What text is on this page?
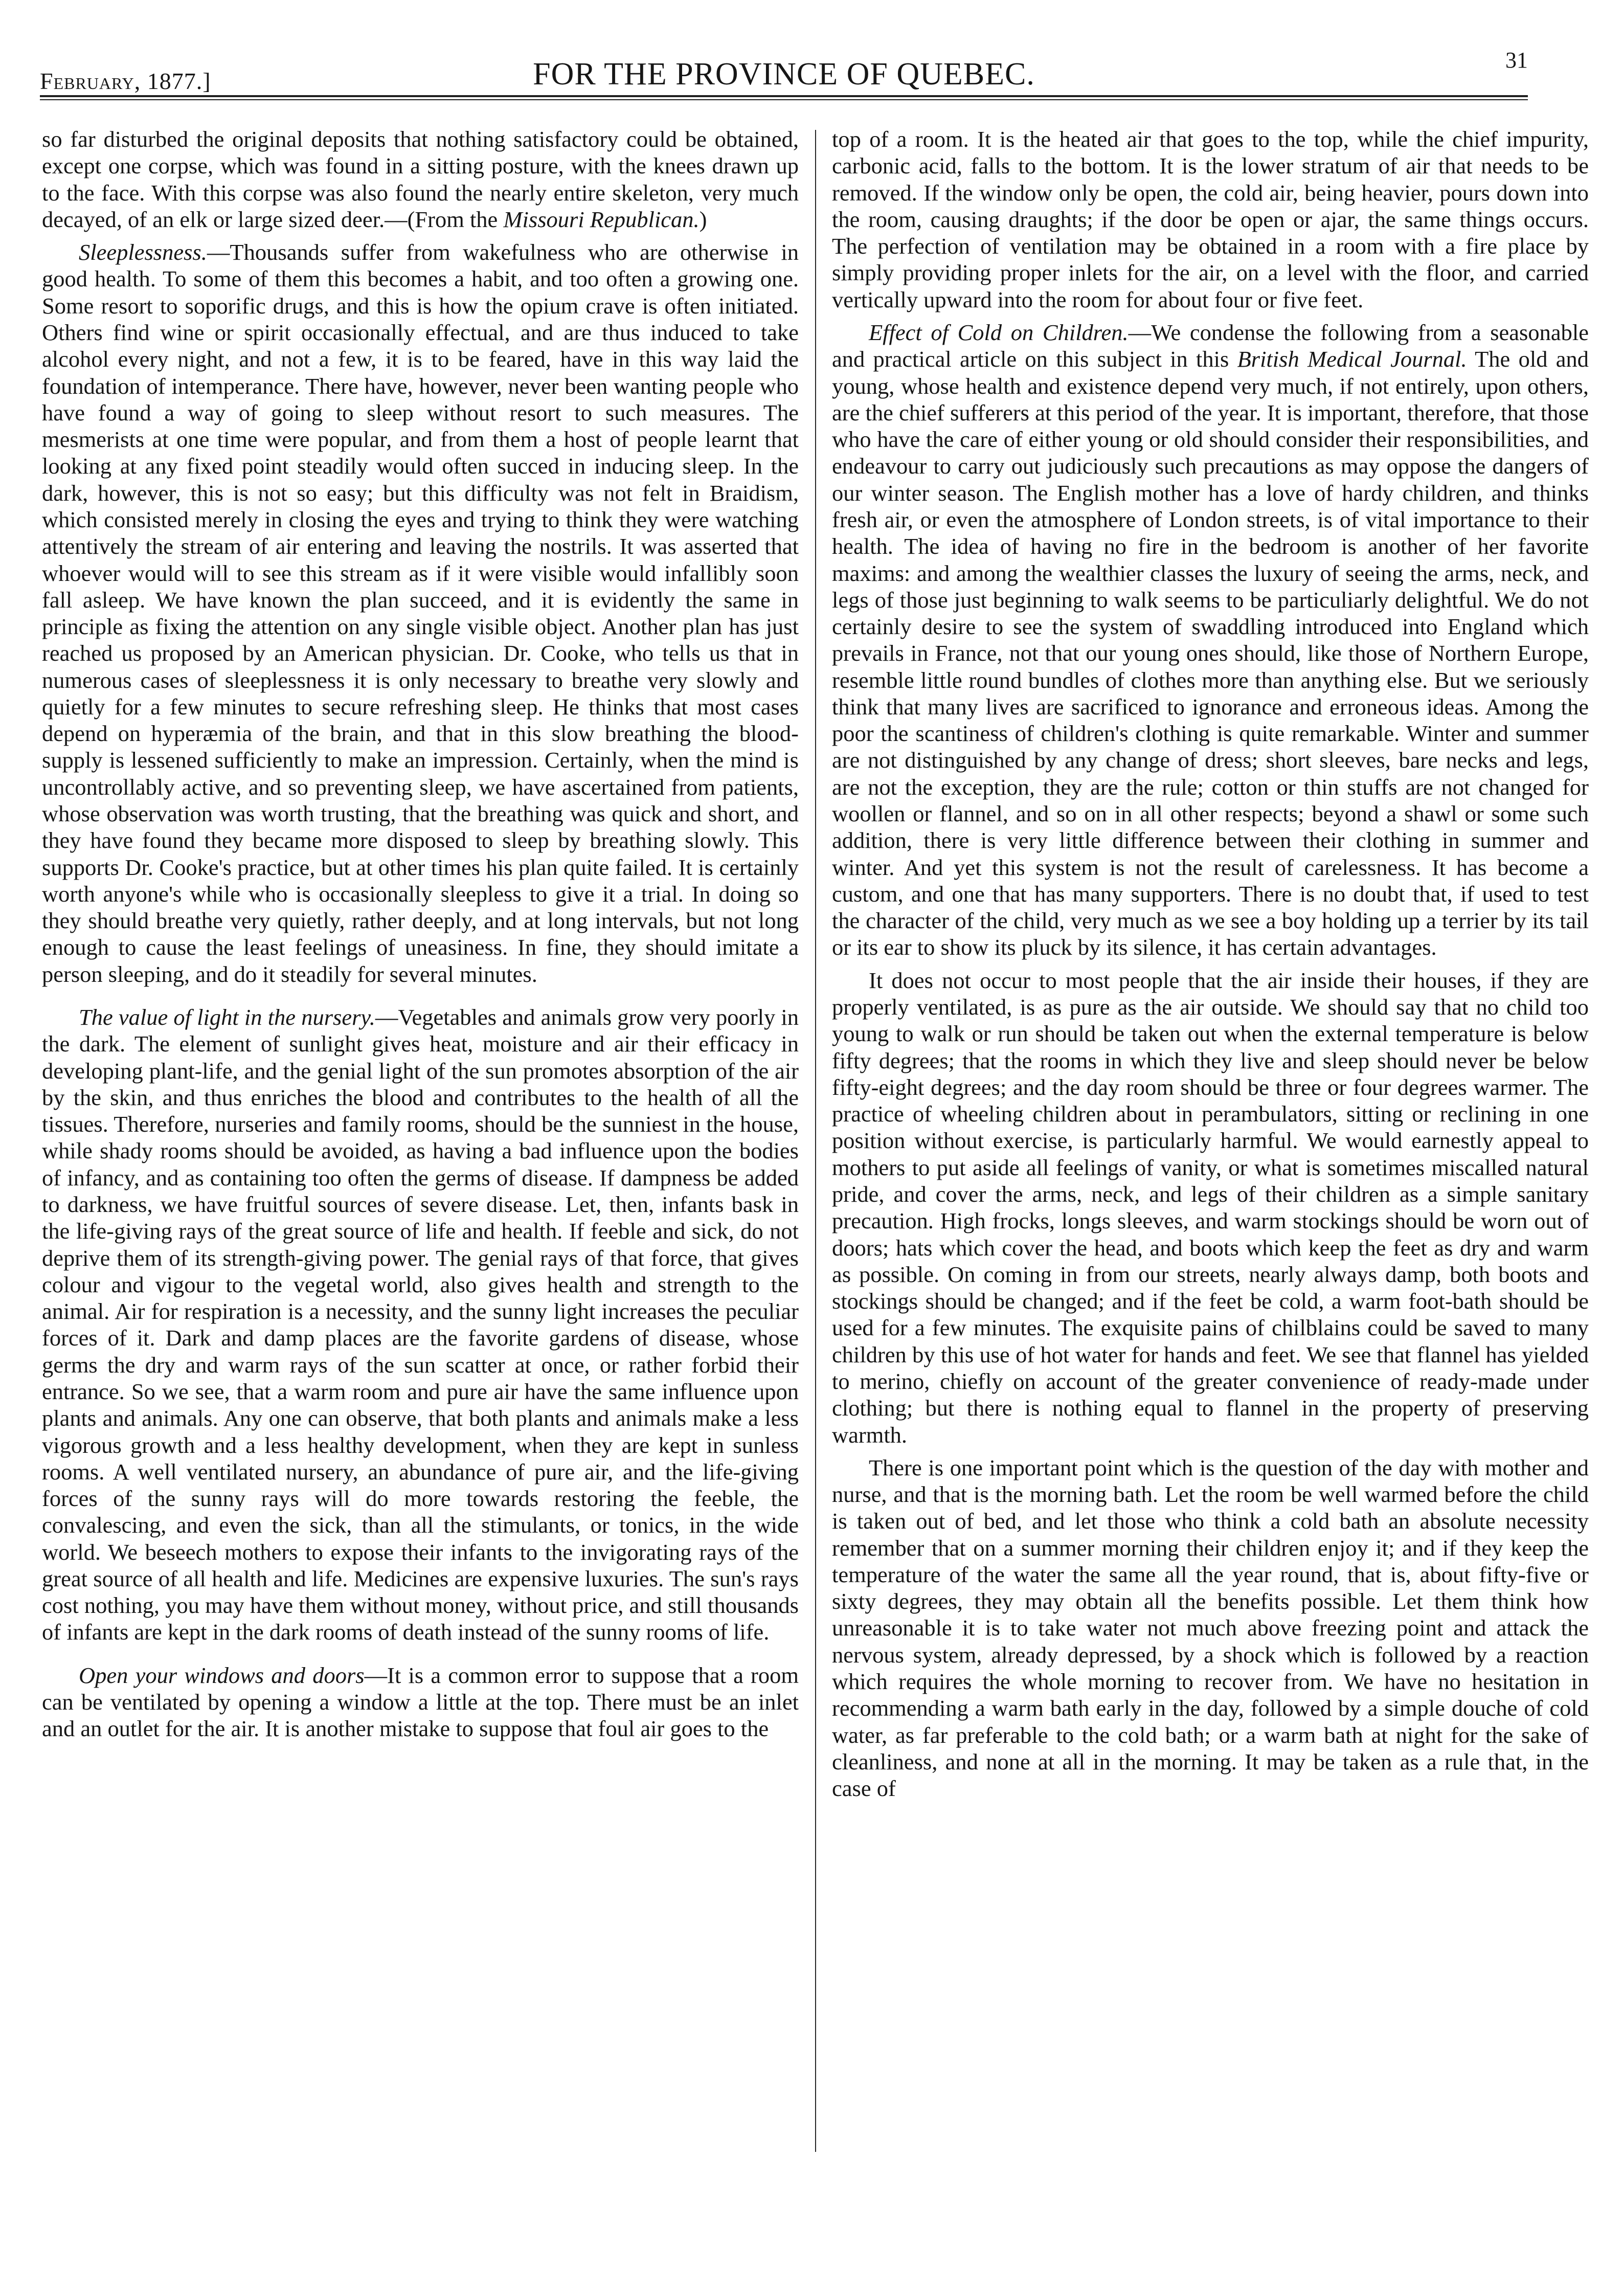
February, 1877.]	FOR THE PROVINCE OF QUEBEC.	31

so far disturbed the original deposits that nothing satisfactory could be obtained, except one corpse, which was found in a sitting posture, with the knees drawn up to the face. With this corpse was also found the nearly entire skeleton, very much decayed, of an elk or large sized deer.—(From the Missouri Republican.)

Sleeplessness.—Thousands suffer from wakefulness who are otherwise in good health. To some of them this becomes a habit, and too often a growing one. Some resort to soporific drugs, and this is how the opium crave is often initiated. Others find wine or spirit occasionally effectual, and are thus induced to take alcohol every night, and not a few, it is to be feared, have in this way laid the foundation of intemperance. There have, however, never been wanting people who have found a way of going to sleep without resort to such measures. The mesmerists at one time were popular, and from them a host of people learnt that looking at any fixed point steadily would often succed in inducing sleep. In the dark, however, this is not so easy; but this difficulty was not felt in Braidism, which consisted merely in closing the eyes and trying to think they were watching attentively the stream of air entering and leaving the nostrils. It was asserted that whoever would will to see this stream as if it were visible would infallibly soon fall asleep. We have known the plan succeed, and it is evidently the same in principle as fixing the attention on any single visible object. Another plan has just reached us proposed by an American physician. Dr. Cooke, who tells us that in numerous cases of sleeplessness it is only necessary to breathe very slowly and quietly for a few minutes to secure refreshing sleep. He thinks that most cases depend on hyperæmia of the brain, and that in this slow breathing the blood-supply is lessened sufficiently to make an impression. Certainly, when the mind is uncontrollably active, and so preventing sleep, we have ascertained from patients, whose observation was worth trusting, that the breathing was quick and short, and they have found they became more disposed to sleep by breathing slowly. This supports Dr. Cooke's practice, but at other times his plan quite failed. It is certainly worth anyone's while who is occasionally sleepless to give it a trial. In doing so they should breathe very quietly, rather deeply, and at long intervals, but not long enough to cause the least feelings of uneasiness. In fine, they should imitate a person sleeping, and do it steadily for several minutes.

The value of light in the nursery.—Vegetables and animals grow very poorly in the dark. The element of sunlight gives heat, moisture and air their efficacy in developing plant-life, and the genial light of the sun promotes absorption of the air by the skin, and thus enriches the blood and contributes to the health of all the tissues. Therefore, nurseries and family rooms, should be the sunniest in the house, while shady rooms should be avoided, as having a bad influence upon the bodies of infancy, and as containing too often the germs of disease. If dampness be added to darkness, we have fruitful sources of severe disease. Let, then, infants bask in the life-giving rays of the great source of life and health. If feeble and sick, do not deprive them of its strength-giving power. The genial rays of that force, that gives colour and vigour to the vegetal world, also gives health and strength to the animal. Air for respiration is a necessity, and the sunny light increases the peculiar forces of it. Dark and damp places are the favorite gardens of disease, whose germs the dry and warm rays of the sun scatter at once, or rather forbid their entrance. So we see, that a warm room and pure air have the same influence upon plants and animals. Any one can observe, that both plants and animals make a less vigorous growth and a less healthy development, when they are kept in sunless rooms. A well ventilated nursery, an abundance of pure air, and the life-giving forces of the sunny rays will do more towards restoring the feeble, the convalescing, and even the sick, than all the stimulants, or tonics, in the wide world. We beseech mothers to expose their infants to the invigorating rays of the great source of all health and life. Medicines are expensive luxuries. The sun's rays cost nothing, you may have them without money, without price, and still thousands of infants are kept in the dark rooms of death instead of the sunny rooms of life.

Open your windows and doors—It is a common error to suppose that a room can be ventilated by opening a window a little at the top. There must be an inlet and an outlet for the air. It is another mistake to suppose that foul air goes to the

top of a room. It is the heated air that goes to the top, while the chief impurity, carbonic acid, falls to the bottom. It is the lower stratum of air that needs to be removed. If the window only be open, the cold air, being heavier, pours down into the room, causing draughts; if the door be open or ajar, the same things occurs. The perfection of ventilation may be obtained in a room with a fire place by simply providing proper inlets for the air, on a level with the floor, and carried vertically upward into the room for about four or five feet.

Effect of Cold on Children.—We condense the following from a seasonable and practical article on this subject in this British Medical Journal. The old and young, whose health and existence depend very much, if not entirely, upon others, are the chief sufferers at this period of the year. It is important, therefore, that those who have the care of either young or old should consider their responsibilities, and endeavour to carry out judiciously such precautions as may oppose the dangers of our winter season. The English mother has a love of hardy children, and thinks fresh air, or even the atmosphere of London streets, is of vital importance to their health. The idea of having no fire in the bedroom is another of her favorite maxims: and among the wealthier classes the luxury of seeing the arms, neck, and legs of those just beginning to walk seems to be particuliarly delightful. We do not certainly desire to see the system of swaddling introduced into England which prevails in France, not that our young ones should, like those of Northern Europe, resemble little round bundles of clothes more than anything else. But we seriously think that many lives are sacrificed to ignorance and erroneous ideas. Among the poor the scantiness of children's clothing is quite remarkable. Winter and summer are not distinguished by any change of dress; short sleeves, bare necks and legs, are not the exception, they are the rule; cotton or thin stuffs are not changed for woollen or flannel, and so on in all other respects; beyond a shawl or some such addition, there is very little difference between their clothing in summer and winter. And yet this system is not the result of carelessness. It has become a custom, and one that has many supporters. There is no doubt that, if used to test the character of the child, very much as we see a boy holding up a terrier by its tail or its ear to show its pluck by its silence, it has certain advantages.

It does not occur to most people that the air inside their houses, if they are properly ventilated, is as pure as the air outside. We should say that no child too young to walk or run should be taken out when the external temperature is below fifty degrees; that the rooms in which they live and sleep should never be below fifty-eight degrees; and the day room should be three or four degrees warmer. The practice of wheeling children about in perambulators, sitting or reclining in one position without exercise, is particularly harmful. We would earnestly appeal to mothers to put aside all feelings of vanity, or what is sometimes miscalled natural pride, and cover the arms, neck, and legs of their children as a simple sanitary precaution. High frocks, longs sleeves, and warm stockings should be worn out of doors; hats which cover the head, and boots which keep the feet as dry and warm as possible. On coming in from our streets, nearly always damp, both boots and stockings should be changed; and if the feet be cold, a warm foot-bath should be used for a few minutes. The exquisite pains of chilblains could be saved to many children by this use of hot water for hands and feet. We see that flannel has yielded to merino, chiefly on account of the greater convenience of ready-made under clothing; but there is nothing equal to flannel in the property of preserving warmth.

There is one important point which is the question of the day with mother and nurse, and that is the morning bath. Let the room be well warmed before the child is taken out of bed, and let those who think a cold bath an absolute necessity remember that on a summer morning their children enjoy it; and if they keep the temperature of the water the same all the year round, that is, about fifty-five or sixty degrees, they may obtain all the benefits possible. Let them think how unreasonable it is to take water not much above freezing point and attack the nervous system, already depressed, by a shock which is followed by a reaction which requires the whole morning to recover from. We have no hesitation in recommending a warm bath early in the day, followed by a simple douche of cold water, as far preferable to the cold bath; or a warm bath at night for the sake of cleanliness, and none at all in the morning. It may be taken as a rule that, in the case of
